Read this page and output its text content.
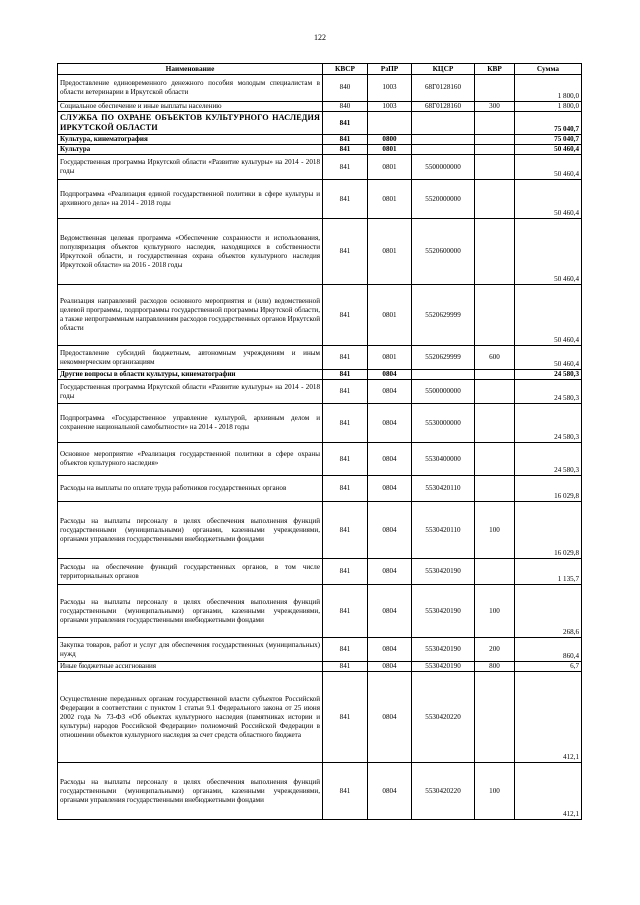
122
Наименование	КВСР	РзПР	КЦСР	КВР	Сумма
Предоставление единовременного денежного пособия молодым специалистам в области ветеринарии в Иркутской области	840	1003	68Г0128160		1 800,0
Социальное обеспечение и иные выплаты населению	840	1003	68Г0128160	300	1 800,0
СЛУЖБА ПО ОХРАНЕ ОБЪЕКТОВ КУЛЬТУРНОГО НАСЛЕДИЯ ИРКУТСКОЙ ОБЛАСТИ	841				75 040,7
Культура, кинематография	841	0800			75 040,7
Культура	841	0801			50 460,4
Государственная программа Иркутской области «Развитие культуры» на 2014 - 2018 годы	841	0801	5500000000		50 460,4
Подпрограмма «Реализация единой государственной политики в сфере культуры и архивного дела» на 2014 - 2018 годы	841	0801	5520000000		50 460,4
Ведомственная целевая программа «Обеспечение сохранности и использования, популяризация объектов культурного наследия, находящихся в собственности Иркутской области, и государственная охрана объектов культурного наследия Иркутской области» на 2016 - 2018 годы	841	0801	5520600000		50 460,4
Реализация направлений расходов основного мероприятия и (или) ведомственной целевой программы, подпрограммы государственной программы Иркутской области, а также непрограммным направлениям расходов государственных органов Иркутской области	841	0801	5520629999		50 460,4
Предоставление субсидий бюджетным, автономным учреждениям и иным некоммерческим организациям	841	0801	5520629999	600	50 460,4
Другие вопросы в области культуры, кинематографии	841	0804			24 580,3
Государственная программа Иркутской области «Развитие культуры» на 2014 - 2018 годы	841	0804	5500000000		24 580,3
Подпрограмма «Государственное управление культурой, архивным делом и сохранение национальной самобытности» на 2014 - 2018 годы	841	0804	5530000000		24 580,3
Основное мероприятие «Реализация государственной политики в сфере охраны объектов культурного наследия»	841	0804	5530400000		24 580,3
Расходы на выплаты по оплате труда работников государственных органов	841	0804	5530420110		16 029,8
Расходы на выплаты персоналу в целях обеспечения выполнения функций государственными (муниципальными) органами, казенными учреждениями, органами управления государственными внебюджетными фондами	841	0804	5530420110	100	16 029,8
Расходы на обеспечение функций государственных органов, в том числе территориальных органов	841	0804	5530420190		1 135,7
Расходы на выплаты персоналу в целях обеспечения выполнения функций государственными (муниципальными) органами, казенными учреждениями, органами управления государственными внебюджетными фондами	841	0804	5530420190	100	268,6
Закупка товаров, работ и услуг для обеспечения государственных (муниципальных) нужд	841	0804	5530420190	200	860,4
Иные бюджетные ассигнования	841	0804	5530420190	800	6,7
Осуществление переданных органам государственной власти субъектов Российской Федерации в соответствии с пунктом 1 статьи 9.1 Федерального закона от 25 июня 2002 года № 73-ФЗ «Об объектах культурного наследия (памятниках истории и культуры) народов Российской Федерации» полномочий Российской Федерации в отношении объектов культурного наследия за счет средств областного бюджета	841	0804	5530420220		412,1
Расходы на выплаты персоналу в целях обеспечения выполнения функций государственными (муниципальными) органами, казенными учреждениями, органами управления государственными внебюджетными фондами	841	0804	5530420220	100	412,1
